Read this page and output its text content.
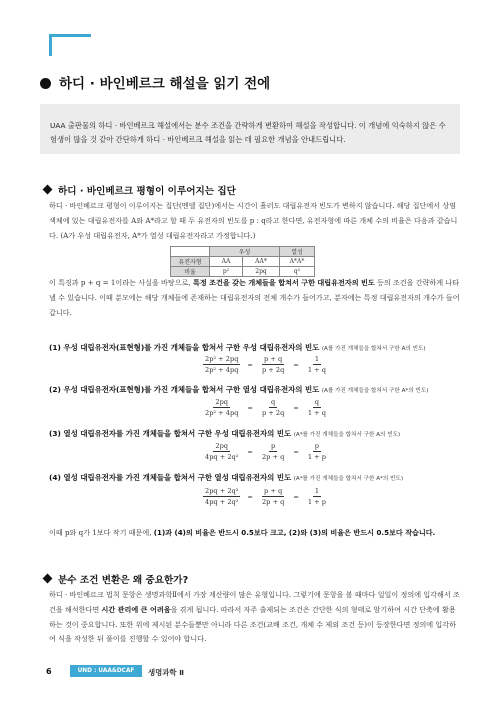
하디 · 바인베르크 해설을 읽기 전에
UAA 출판물의 하디 · 바인베르크 해설에서는 분수 조건을 간략하게 변환하여 해설을 작성합니다. 이 개념에 익숙하지 않은 수험생이 많을 것 같아 간단하게 하디 · 바인베르크 해설을 읽는 데 필요한 개념을 안내드립니다.
하디 · 바인베르크 평형이 이루어지는 집단
하디 · 바인베르크 평형이 이루어지는 집단(멘델 집단)에서는 시간이 흘러도 대립유전자 빈도가 변하지 않습니다. 해당 집단에서 상염색체에 있는 대립유전자를 A와 A*라고 할 때 두 유전자의 빈도를 p : q라고 한다면, 유전자형에 따른 개체 수의 비율은 다음과 같습니다. (A가 우성 대립유전자, A*가 열성 대립유전자라고 가정합니다.)
	우성		열성
유전자형	AA	AA*	A*A*
비율	p²	2pq	q²
이 특징과 p + q = 1이라는 사실을 바탕으로, 특정 조건을 갖는 개체들을 합쳐서 구한 대립유전자의 빈도 등의 조건을 간략하게 나타낼 수 있습니다. 이때 분모에는 해당 개체들에 존재하는 대립유전자의 전체 개수가 들어가고, 분자에는 특정 대립유전자의 개수가 들어갑니다.
(1) 우성 대립유전자(표현형)를 가진 개체들을 합쳐서 구한 우성 대립유전자의 빈도 (A를 가진 개체들을 합쳐서 구한 A의 빈도)
$\frac{\text{2p² + 2pq}}{\text{2p² + 4pq}} = \frac{p + q}{p + 2q} = \frac{1}{1 + q}$
(2) 우성 대립유전자(표현형)를 가진 개체들을 합쳐서 구한 열성 대립유전자의 빈도 (A를 가진 개체들을 합쳐서 구한 A*의 빈도)
$\frac{2pq}{\text{2p² + 4pq}} = \frac{q}{p + 2q} = \frac{q}{1 + q}$
(3) 열성 대립유전자를 가진 개체들을 합쳐서 구한 우성 대립유전자의 빈도 (A*를 가진 개체들을 합쳐서 구한 A의 빈도)
$\frac{2pq}{\text{4pq + 2q²}} = \frac{p}{2p + q} = \frac{p}{1 + p}$
(4) 열성 대립유전자를 가진 개체들을 합쳐서 구한 열성 대립유전자의 빈도 (A*를 가진 개체들을 합쳐서 구한 A*의 빈도)
$\frac{\text{2pq + 2q²}}{\text{4pq + 2q²}} = \frac{p + q}{2p + q} = \frac{1}{1 + p}$
이때 p와 q가 1보다 작기 때문에, (1)과 (4)의 비율은 반드시 0.5보다 크고, (2)와 (3)의 비율은 반드시 0.5보다 작습니다.
분수 조건 변환은 왜 중요한가?
하디 · 바인베르크 법칙 문항은 생명과학Ⅱ에서 가장 계산량이 많은 유형입니다. 그렇기에 문항을 볼 때마다 일일이 정의에 입각해서 조건을 해석한다면 시간 관리에 큰 어려움을 겪게 됩니다. 따라서 자주 출제되는 조건은 간단한 식의 형태로 암기하여 시간 단축에 활용하는 것이 중요합니다. 또한 위에 제시된 분수들뿐만 아니라 다른 조건(교배 조건, 개체 수 제외 조건 등)이 등장한다면 정의에 입각하여 식을 작성한 뒤 풀이를 진행할 수 있어야 합니다.
6	UND : UAA&DCAF	생명과학 Ⅱ
